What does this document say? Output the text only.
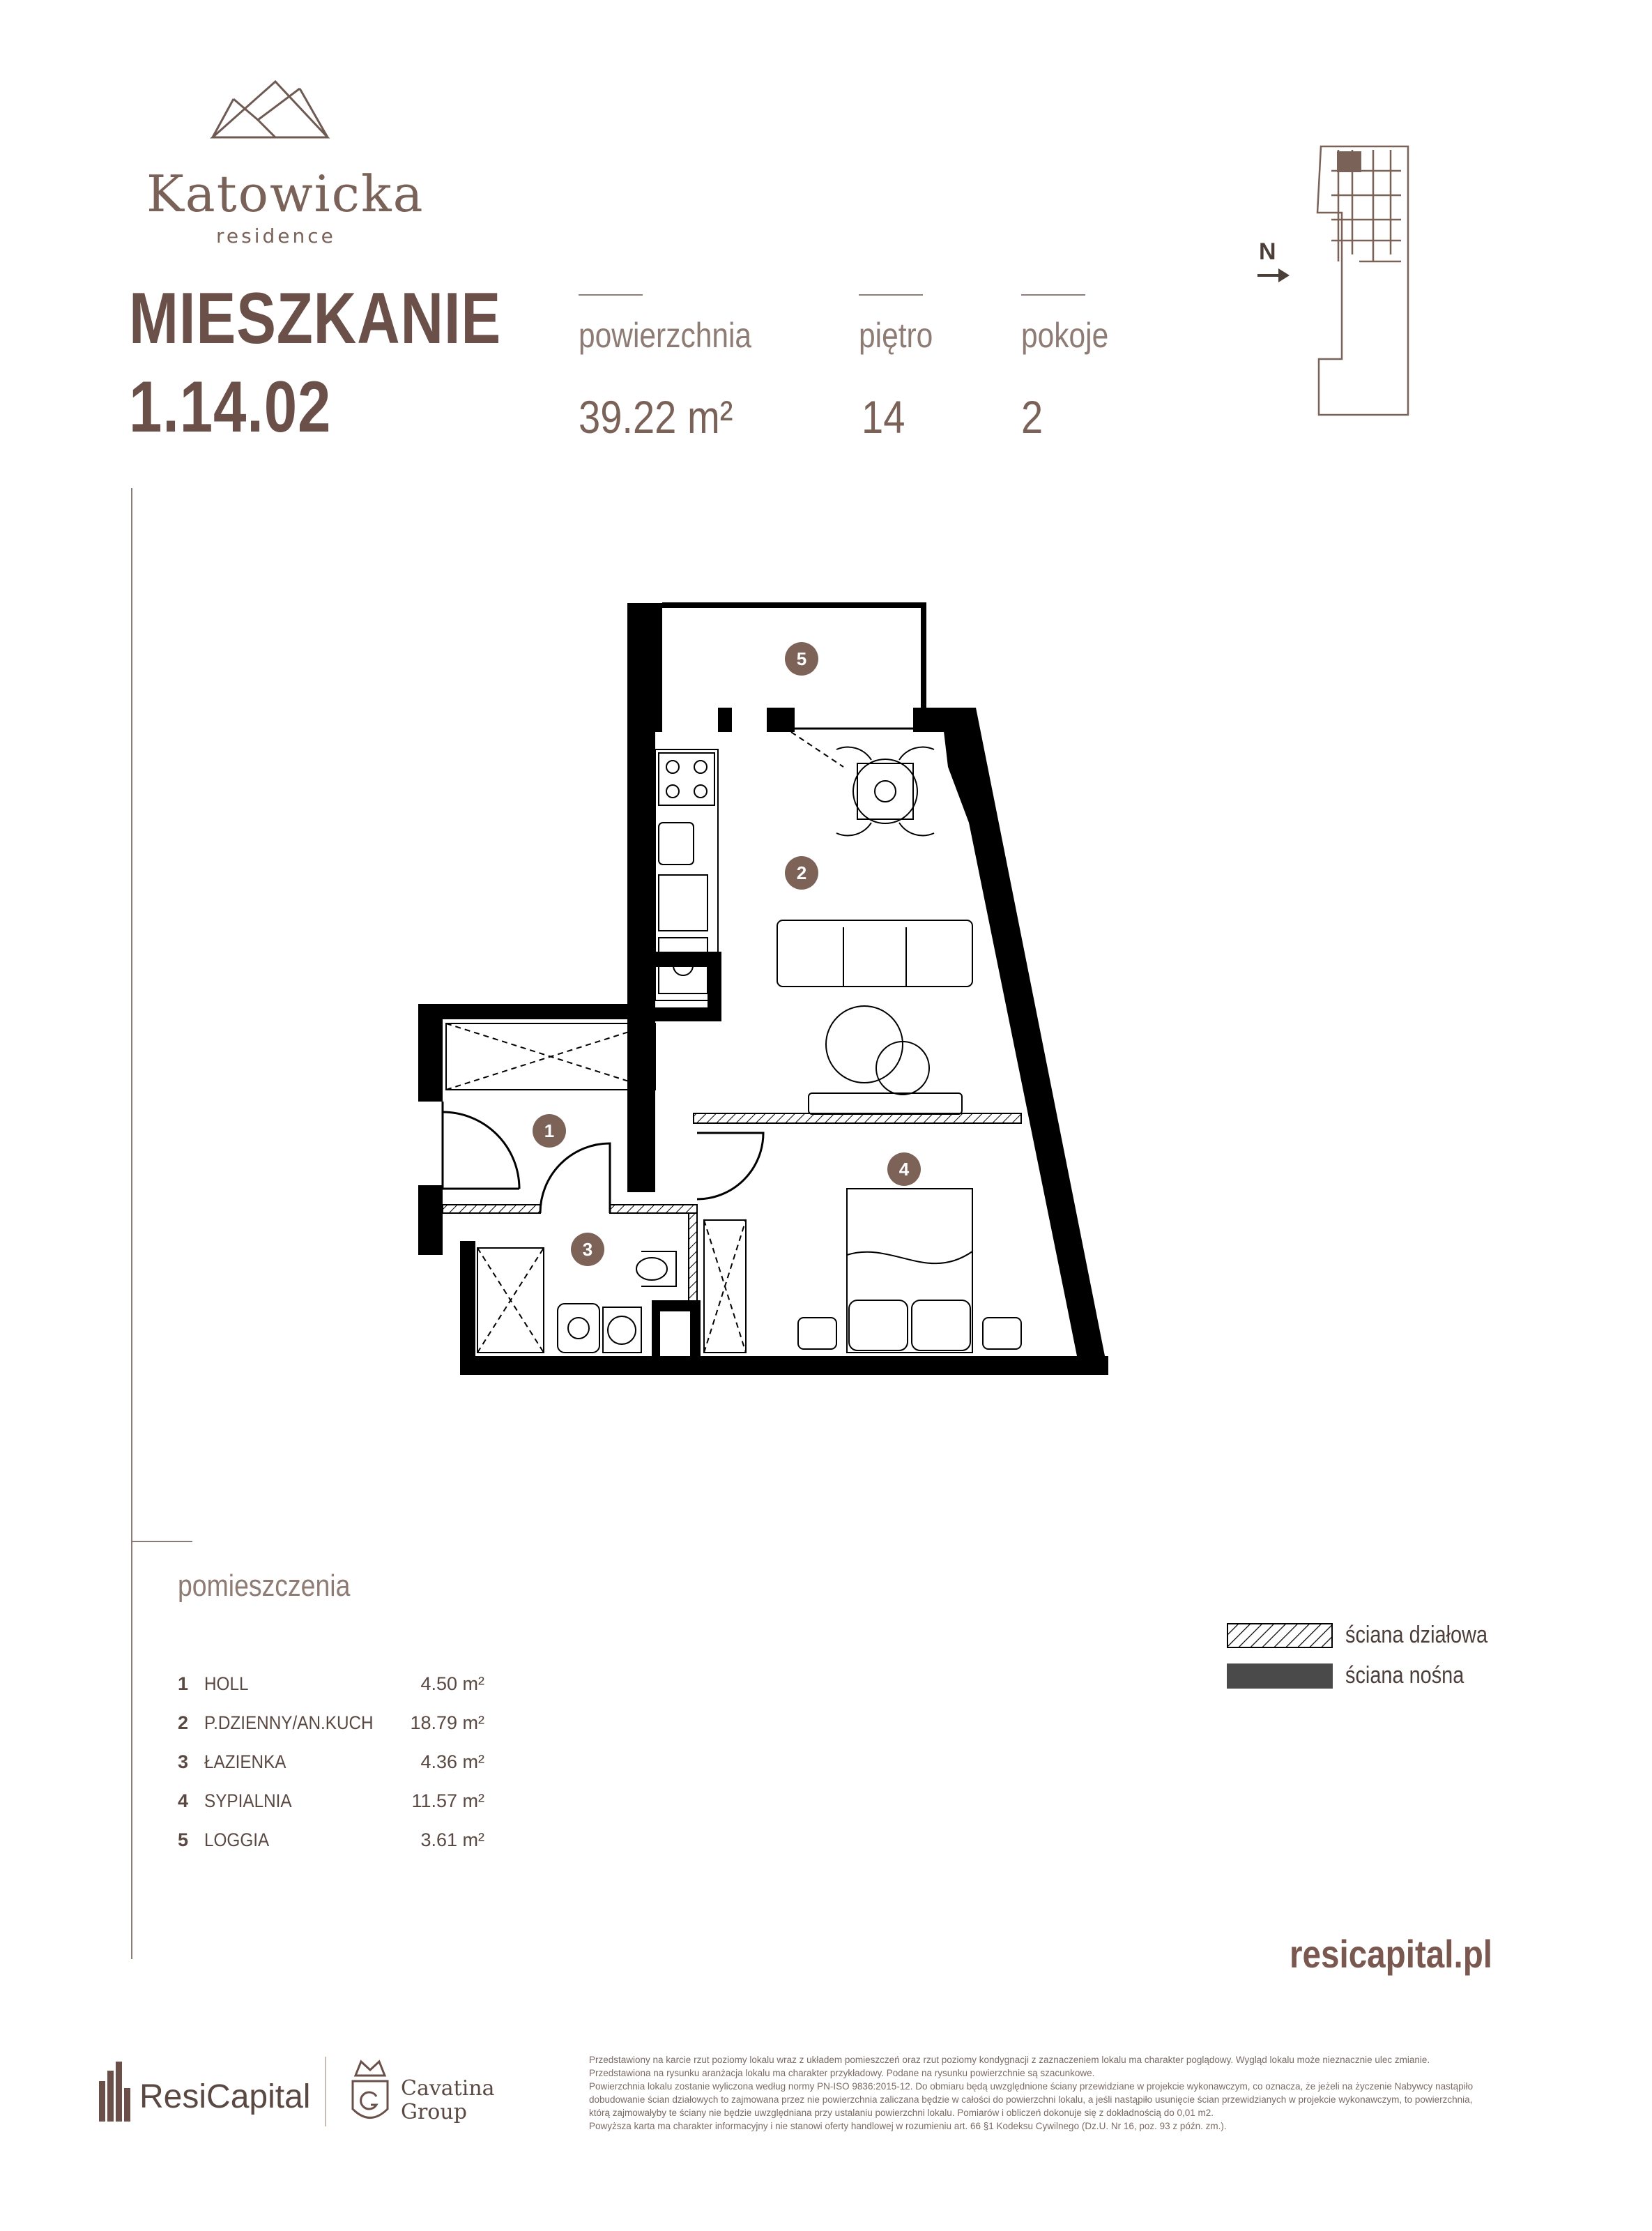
Katowicka
residence
MIESZKANIE
1.14.02
powierzchnia
39.22 m²
piętro
14
pokoje
2
N
5
2
1
3
4
pomieszczenia
1 HOLL	4.50 m²
2 P.DZIENNY/AN.KUCH 18.79 m²
3 ŁAZIENKA	4.36 m²
4 SYPIALNIA	11.57 m²
5 LOGGIA	3.61 m²
ściana działowa
ściana nośna
resicapital.pl
ResiCapital	Cavatina
Group
Przedstawiony na karcie rzut poziomy lokalu wraz z układem pomieszczeń oraz rzut poziomy kondygnacji z zaznaczeniem lokalu ma charakter poglądowy. Wygląd lokalu może nieznacznie ulec zmianie.
Przedstawiona na rysunku aranżacja lokalu ma charakter przykładowy. Podane na rysunku powierzchnie są szacunkowe.
Powierzchnia lokalu zostanie wyliczona według normy PN-ISO 9836:2015-12. Do obmiaru będą uwzględnione ściany przewidziane w projekcie wykonawczym, co oznacza, że jeżeli na życzenie Nabywcy nastąpiło dobudowanie ścian działowych to zajmowana przez nie powierzchnia zaliczana będzie w całości do powierzchni lokalu, a jeśli nastąpiło usunięcie ścian przewidzianych w projekcie wykonawczym, to powierzchnia, którą zajmowałyby te ściany nie będzie uwzględniana przy ustalaniu powierzchni lokalu. Pomiarów i obliczeń dokonuje się z dokładnością do 0,01 m2.
Powyższa karta ma charakter informacyjny i nie stanowi oferty handlowej w rozumieniu art. 66 §1 Kodeksu Cywilnego (Dz.U. Nr 16, poz. 93 z późn. zm.).
